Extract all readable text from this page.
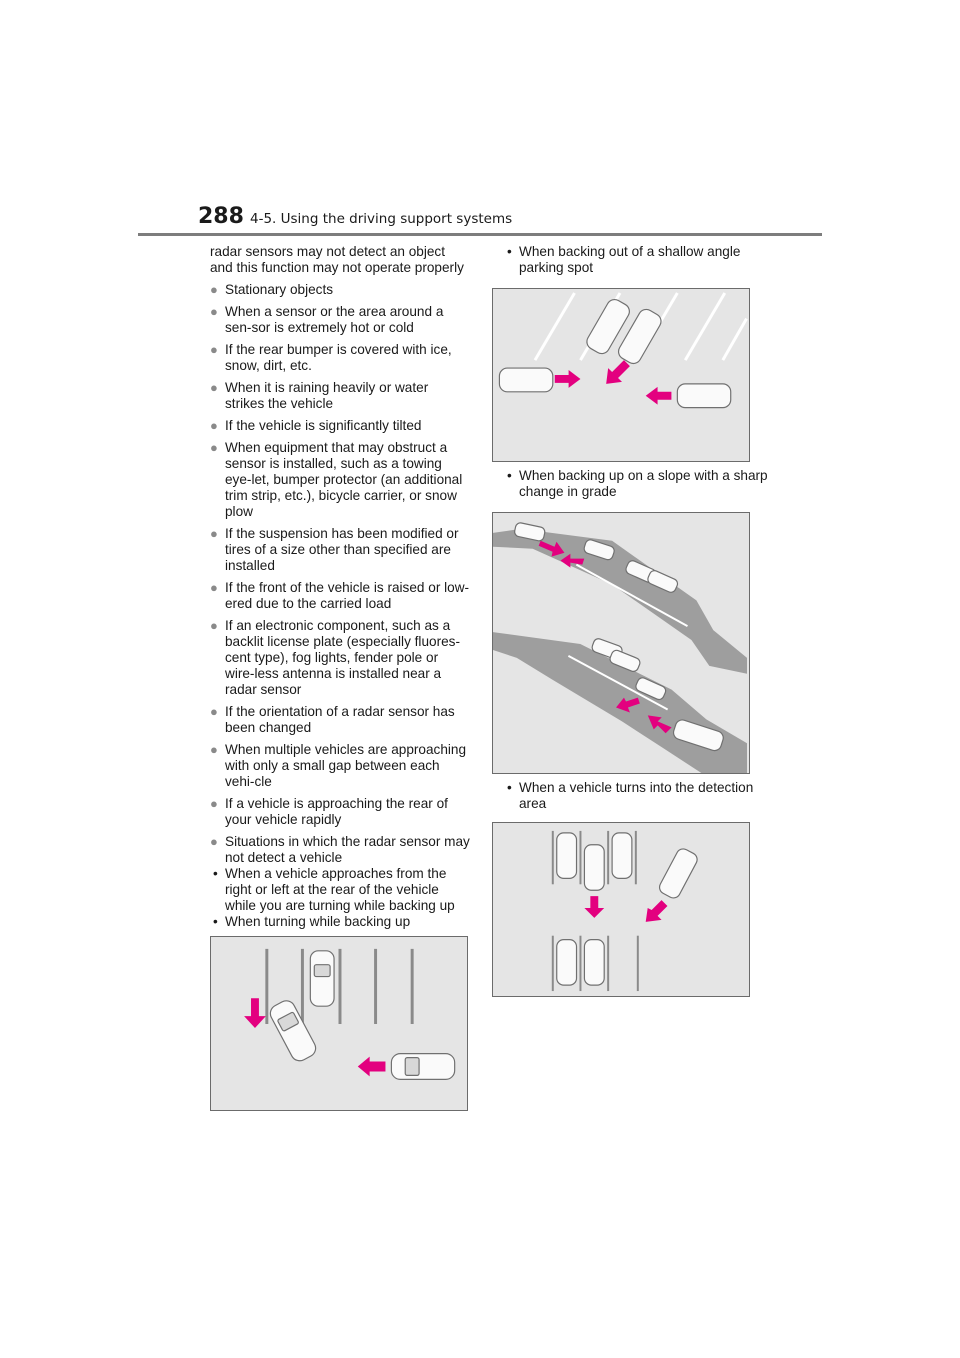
288 4-5. Using the driving support systems

radar sensors may not detect an object and this function may not operate properly

● Stationary objects
● When a sensor or the area around a sen-sor is extremely hot or cold
● If the rear bumper is covered with ice, snow, dirt, etc.
● When it is raining heavily or water strikes the vehicle
● If the vehicle is significantly tilted
● When equipment that may obstruct a sensor is installed, such as a towing eye-let, bumper protector (an additional trim strip, etc.), bicycle carrier, or snow plow
● If the suspension has been modified or tires of a size other than specified are installed
● If the front of the vehicle is raised or low-ered due to the carried load
● If an electronic component, such as a backlit license plate (especially fluores-cent type), fog lights, fender pole or wire-less antenna is installed near a radar sensor
● If the orientation of a radar sensor has been changed
● When multiple vehicles are approaching with only a small gap between each vehi-cle
● If a vehicle is approaching the rear of your vehicle rapidly
● Situations in which the radar sensor may not detect a vehicle
• When a vehicle approaches from the right or left at the rear of the vehicle while you are turning while backing up
• When turning while backing up
• When backing out of a shallow angle parking spot
• When backing up on a slope with a sharp change in grade
• When a vehicle turns into the detection area
